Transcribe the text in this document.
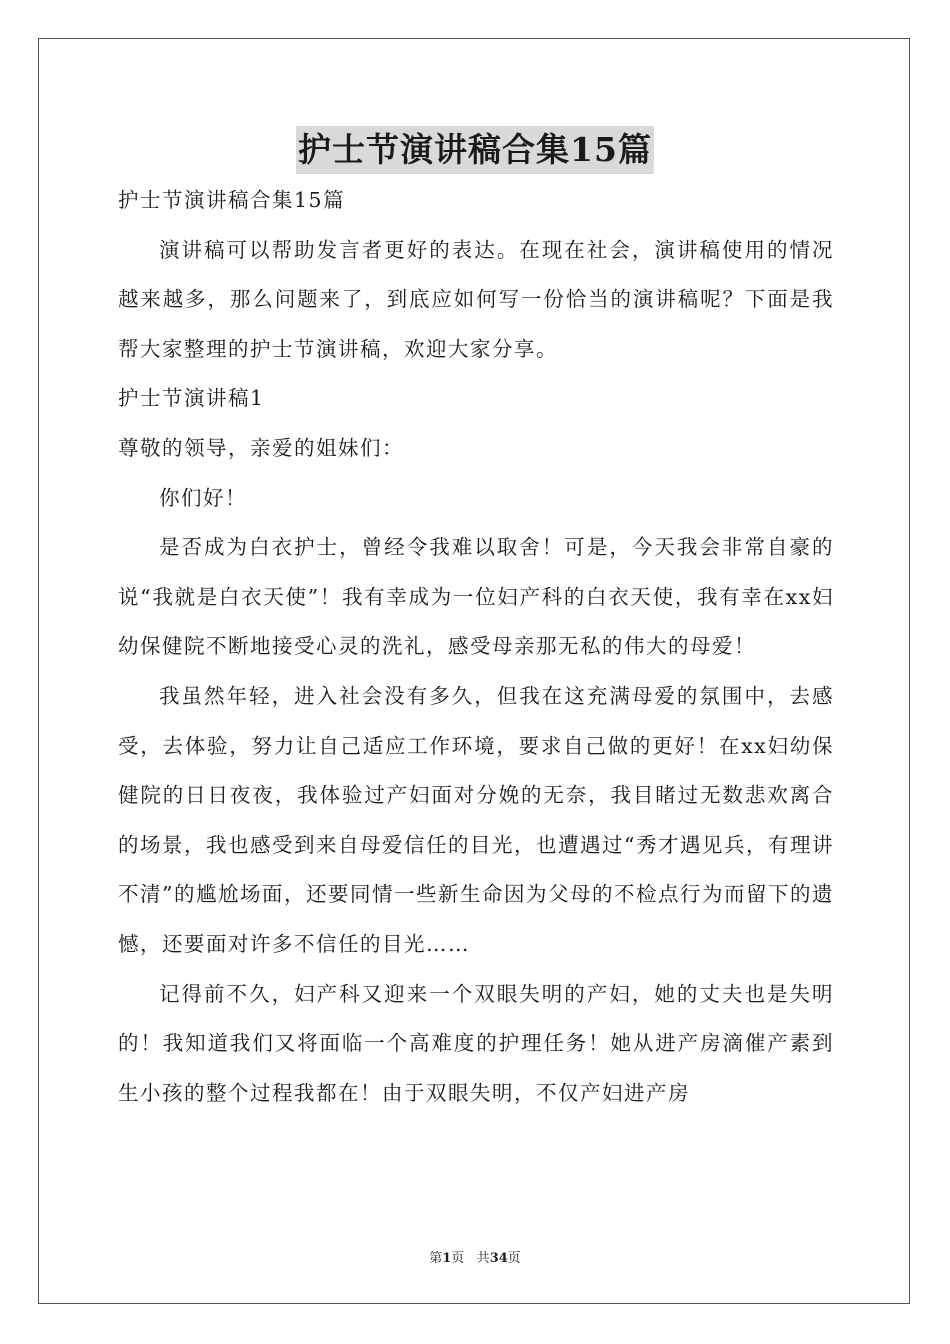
护士节演讲稿合集15篇

护士节演讲稿合集15篇

演讲稿可以帮助发言者更好的表达。在现在社会，演讲稿使用的情况越来越多，那么问题来了，到底应如何写一份恰当的演讲稿呢？下面是我帮大家整理的护士节演讲稿，欢迎大家分享。

护士节演讲稿1

尊敬的领导，亲爱的姐妹们：

你们好！

是否成为白衣护士，曾经令我难以取舍！可是，今天我会非常自豪的说“我就是白衣天使”！我有幸成为一位妇产科的白衣天使，我有幸在xx妇幼保健院不断地接受心灵的洗礼，感受母亲那无私的伟大的母爱！

我虽然年轻，进入社会没有多久，但我在这充满母爱的氛围中，去感受，去体验，努力让自己适应工作环境，要求自己做的更好！在xx妇幼保健院的日日夜夜，我体验过产妇面对分娩的无奈，我目睹过无数悲欢离合的场景，我也感受到来自母爱信任的目光，也遭遇过“秀才遇见兵，有理讲不清”的尴尬场面，还要同情一些新生命因为父母的不检点行为而留下的遗憾，还要面对许多不信任的目光……

记得前不久，妇产科又迎来一个双眼失明的产妇，她的丈夫也是失明的！我知道我们又将面临一个高难度的护理任务！她从进产房滴催产素到生小孩的整个过程我都在！由于双眼失明，不仅产妇进产房

第1页 共34页
